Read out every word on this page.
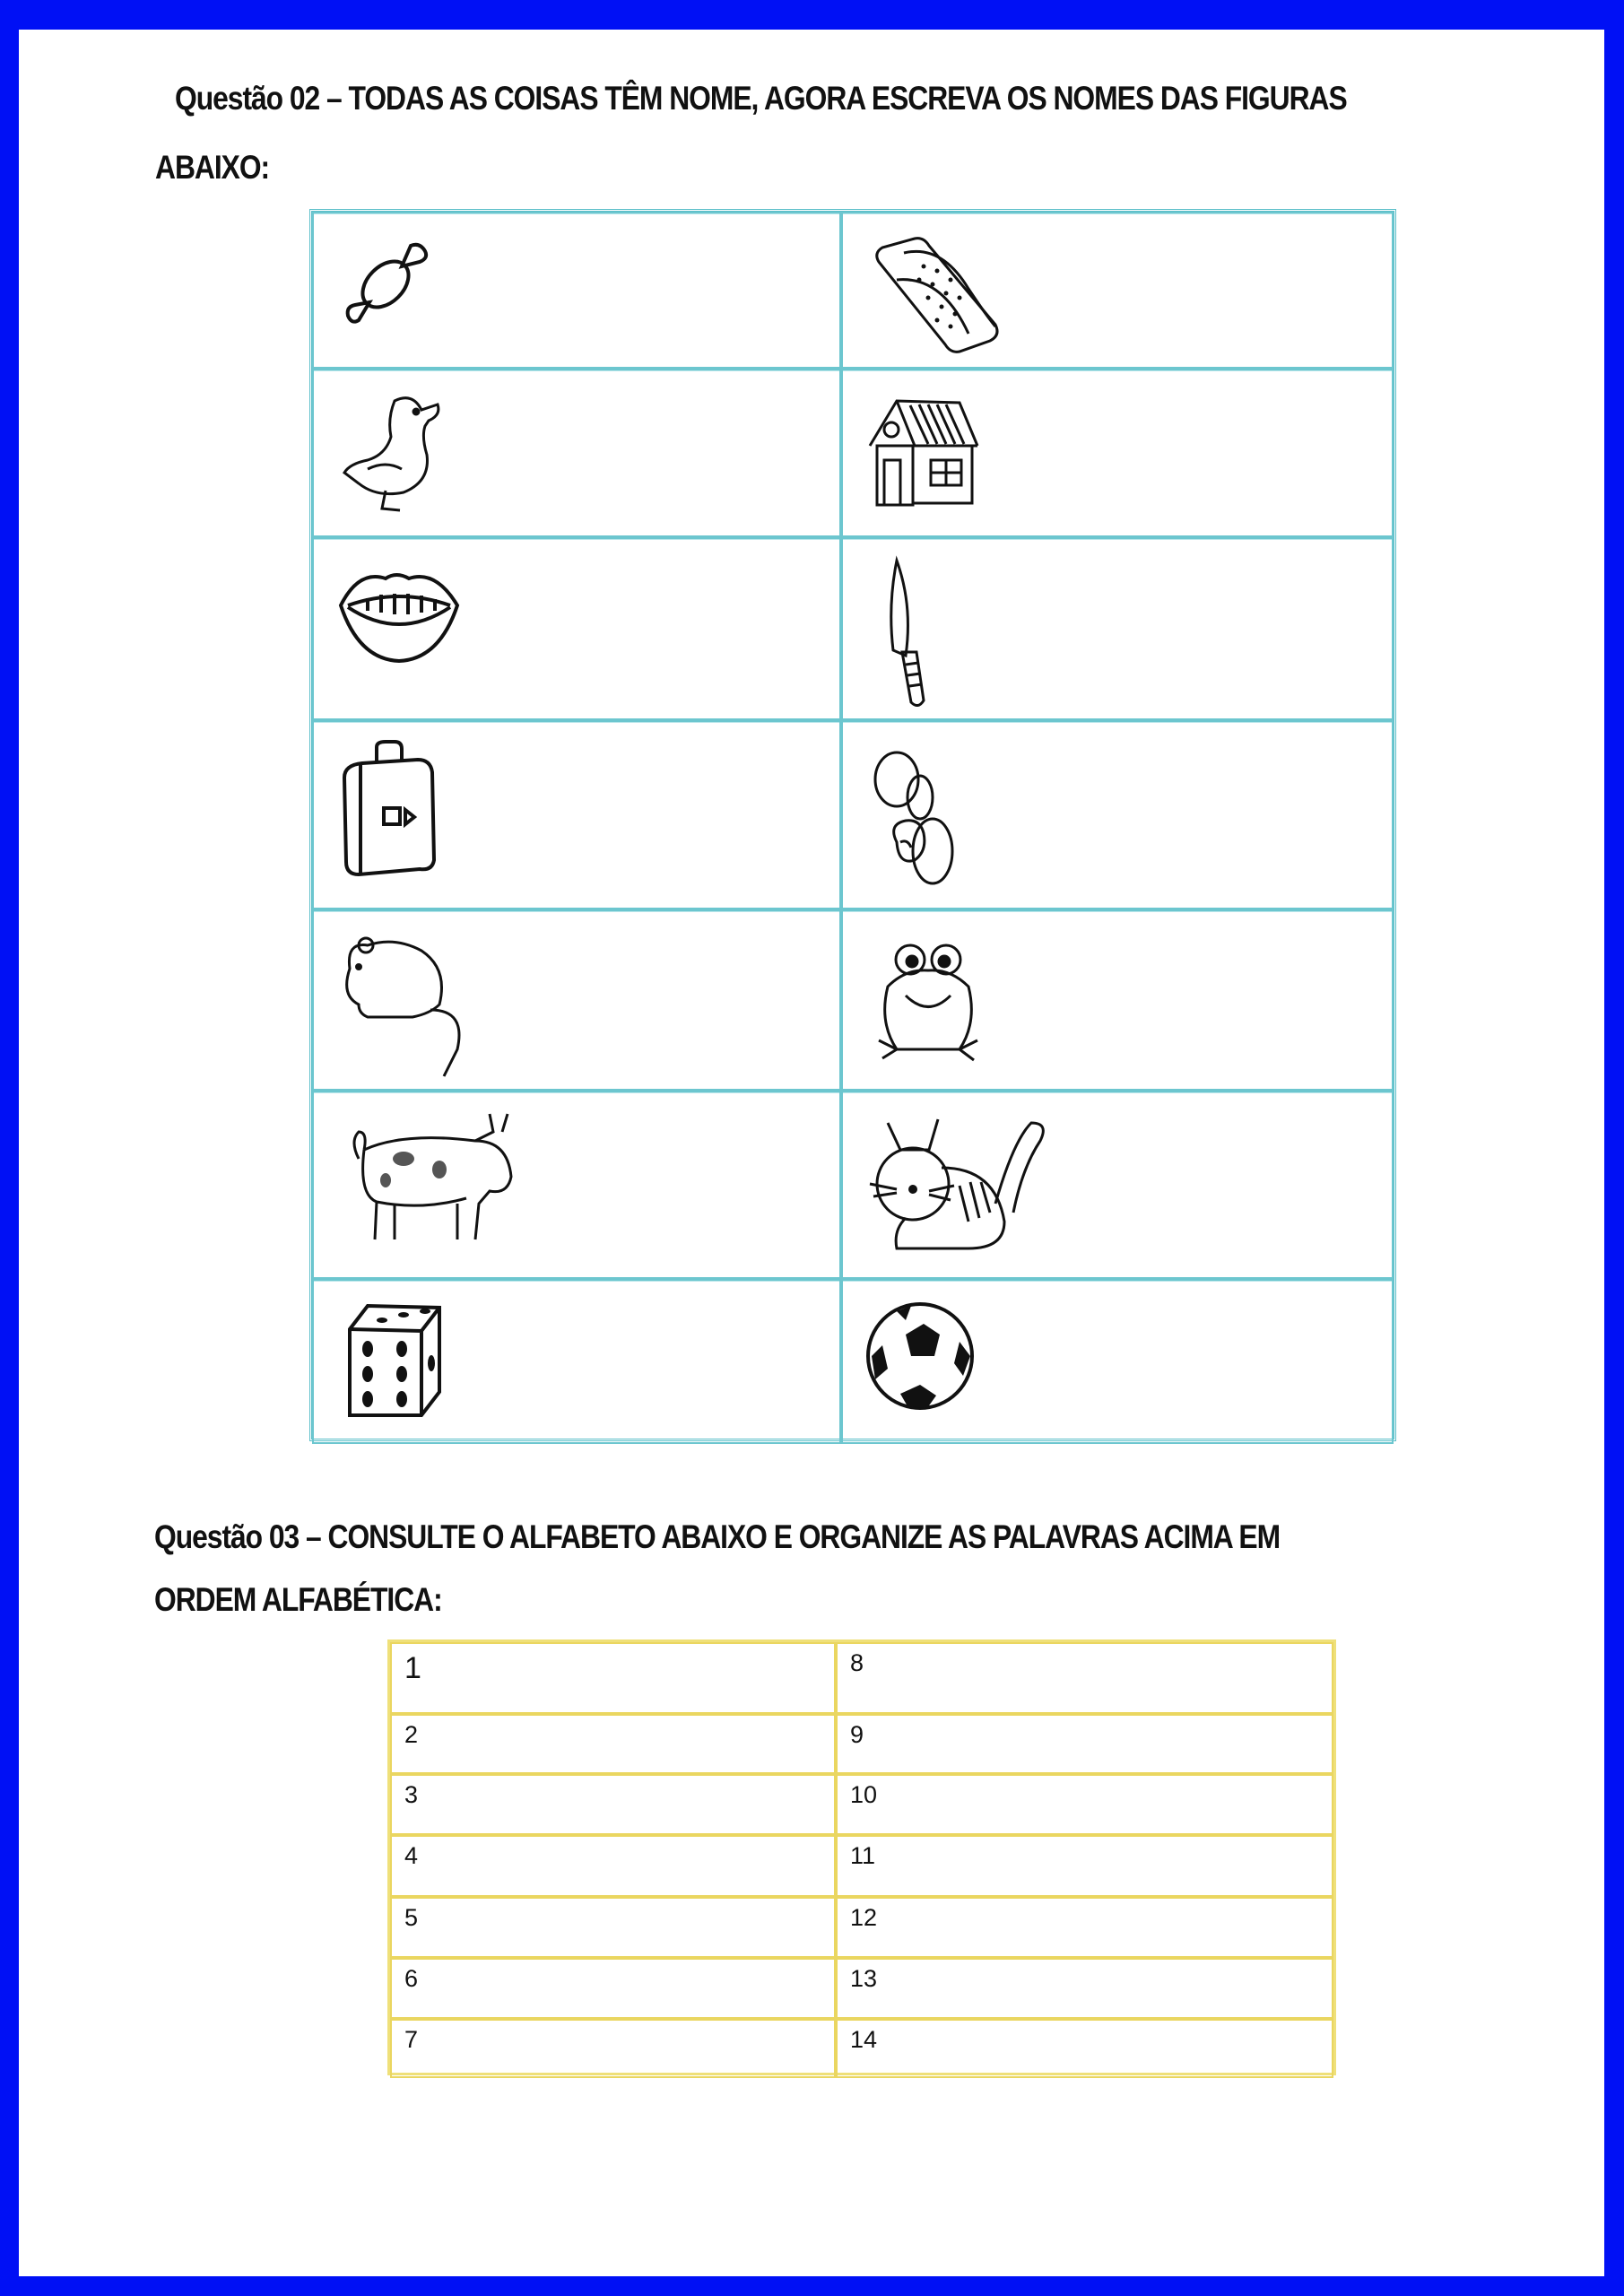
Questão 02 – TODAS AS COISAS TÊM NOME, AGORA ESCREVA OS NOMES DAS FIGURAS
ABAIXO:
Questão 03 – CONSULTE O ALFABETO ABAIXO E ORGANIZE AS PALAVRAS ACIMA EM
ORDEM ALFABÉTICA:
1	8
2	9
3	10
4	11
5	12
6	13
7	14
